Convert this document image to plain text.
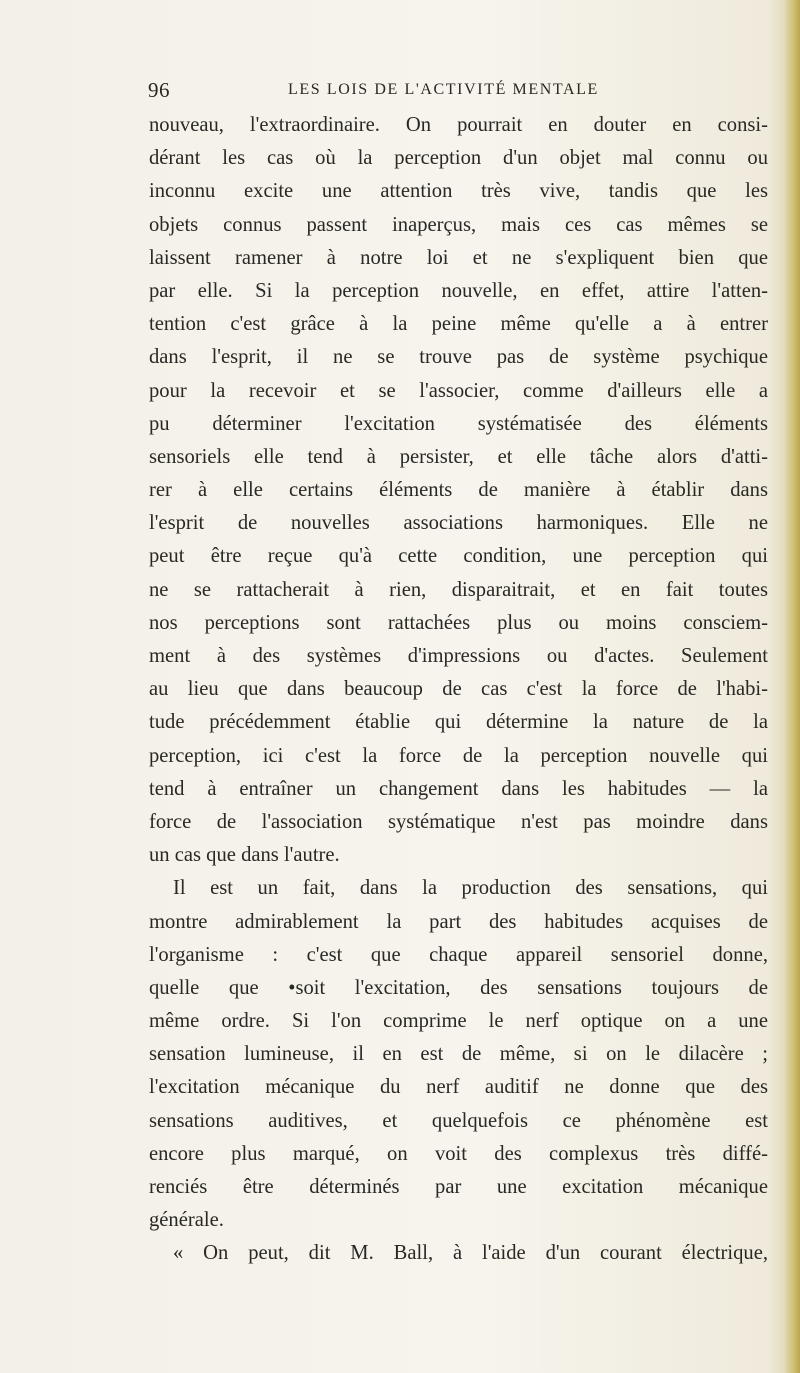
96	LES LOIS DE L'ACTIVITÉ MENTALE
nouveau, l'extraordinaire. On pourrait en douter en consi-
dérant les cas où la perception d'un objet mal connu ou
inconnu excite une attention très vive, tandis que les
objets connus passent inaperçus, mais ces cas mêmes se
laissent ramener à notre loi et ne s'expliquent bien que
par elle. Si la perception nouvelle, en effet, attire l'atten-
tention c'est grâce à la peine même qu'elle a à entrer
dans l'esprit, il ne se trouve pas de système psychique
pour la recevoir et se l'associer, comme d'ailleurs elle a
pu déterminer l'excitation systématisée des éléments
sensoriels elle tend à persister, et elle tâche alors d'atti-
rer à elle certains éléments de manière à établir dans
l'esprit de nouvelles associations harmoniques. Elle ne
peut être reçue qu'à cette condition, une perception qui
ne se rattacherait à rien, disparaitrait, et en fait toutes
nos perceptions sont rattachées plus ou moins consciem-
ment à des systèmes d'impressions ou d'actes. Seulement
au lieu que dans beaucoup de cas c'est la force de l'habi-
tude précédemment établie qui détermine la nature de la
perception, ici c'est la force de la perception nouvelle qui
tend à entraîner un changement dans les habitudes — la
force de l'association systématique n'est pas moindre dans
un cas que dans l'autre.
Il est un fait, dans la production des sensations, qui
montre admirablement la part des habitudes acquises de
l'organisme : c'est que chaque appareil sensoriel donne,
quelle que •soit l'excitation, des sensations toujours de
même ordre. Si l'on comprime le nerf optique on a une
sensation lumineuse, il en est de même, si on le dilacère ;
l'excitation mécanique du nerf auditif ne donne que des
sensations auditives, et quelquefois ce phénomène est
encore plus marqué, on voit des complexus très diffé-
renciés être déterminés par une excitation mécanique
générale.
« On peut, dit M. Ball, à l'aide d'un courant électrique,
